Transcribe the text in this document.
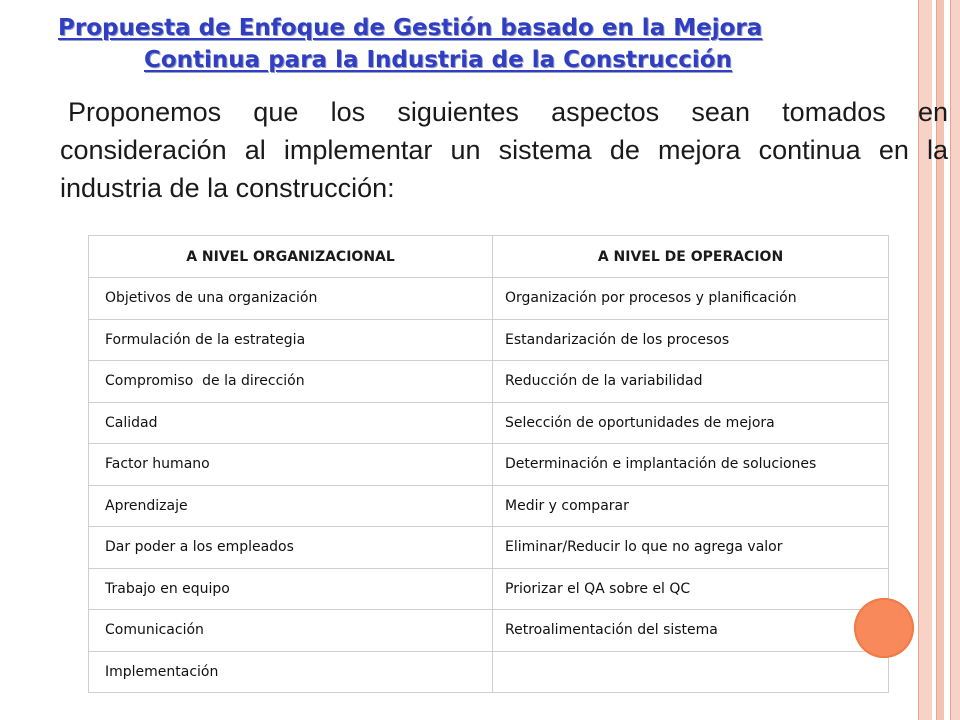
Propuesta de Enfoque de Gestión basado en la Mejora
Continua para la Industria de la Construcción

Proponemos que los siguientes aspectos sean tomados en consideración al implementar un sistema de mejora continua en la industria de la construcción:

A NIVEL ORGANIZACIONAL	A NIVEL DE OPERACION
Objetivos de una organización	Organización por procesos y planificación
Formulación de la estrategia	Estandarización de los procesos
Compromiso  de la dirección	Reducción de la variabilidad
Calidad	Selección de oportunidades de mejora
Factor humano	Determinación e implantación de soluciones
Aprendizaje	Medir y comparar
Dar poder a los empleados	Eliminar/Reducir lo que no agrega valor
Trabajo en equipo	Priorizar el QA sobre el QC
Comunicación	Retroalimentación del sistema
Implementación	
